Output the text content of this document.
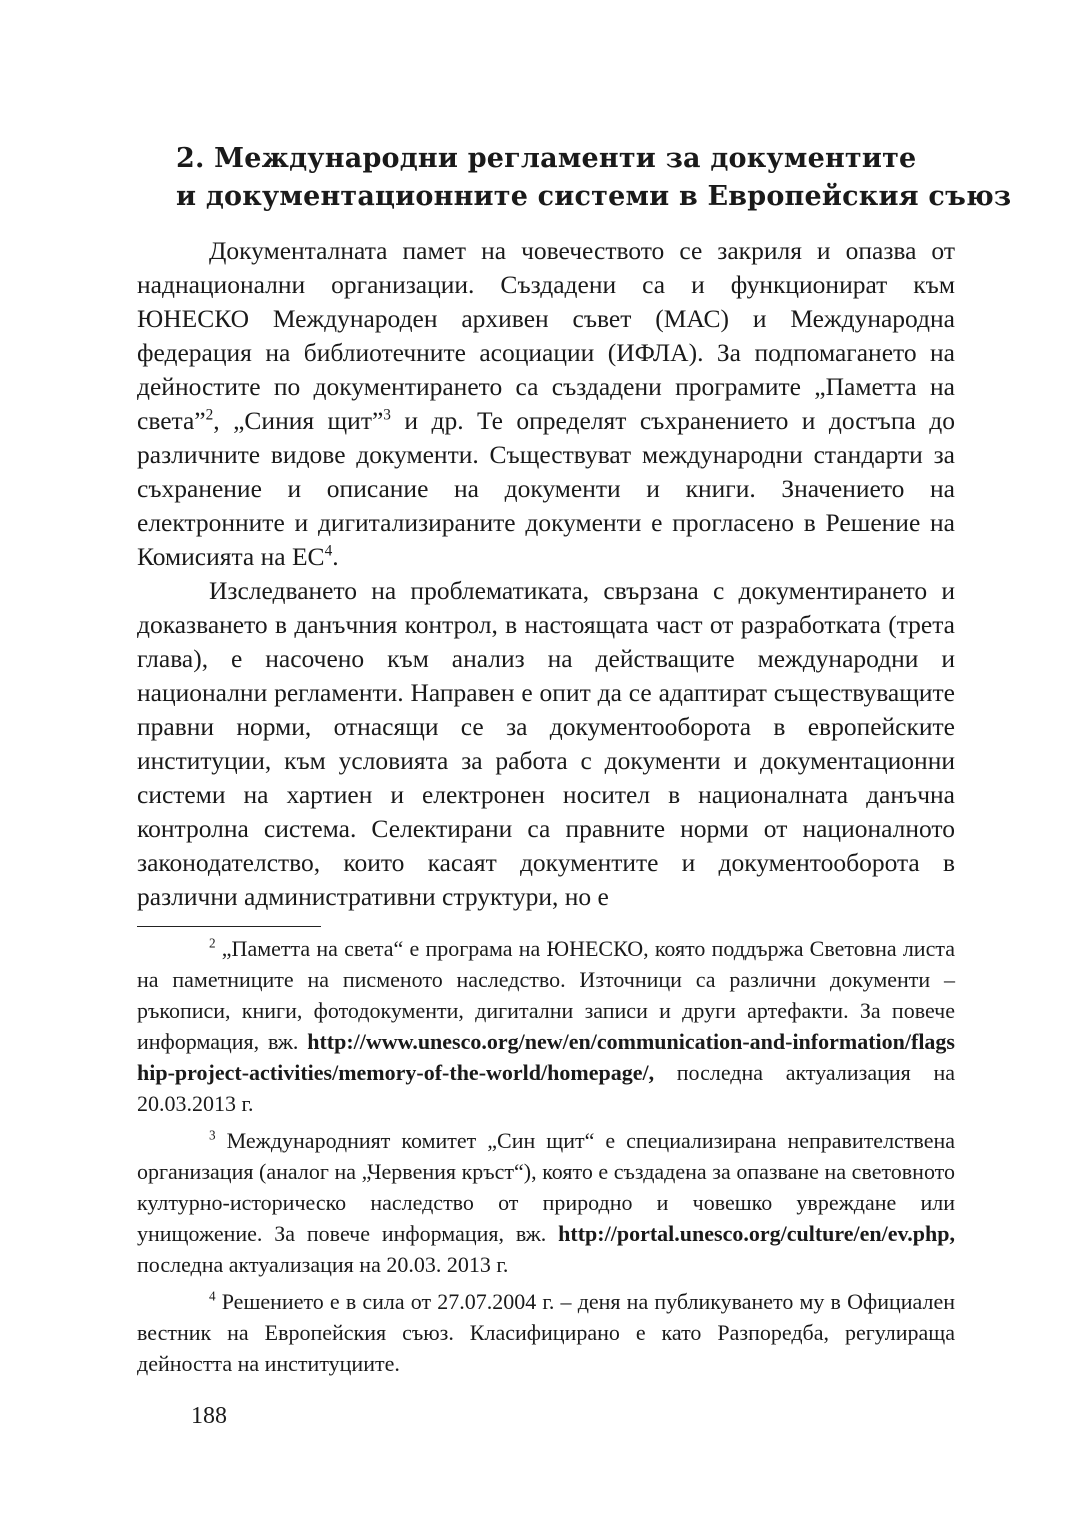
2. Международни регламенти за документите
и документационните системи в Европейския съюз

Документалната памет на човечеството се закриля и опазва от наднационални организации. Създадени са и функционират към ЮНЕСКО Международен архивен съвет (МАС) и Международна федерация на библиотечните асоциации (ИФЛА). За подпомагането на дейностите по документирането са създадени програмите „Паметта на света”$^2$, „Синия щит”$^3$ и др. Те определят съхранението и достъпа до различните видове документи. Съществуват международни стандарти за съхранение и описание на документи и книги. Значението на електронните и дигитализираните документи е прогласено в Решение на Комисията на $ЕС^4$.

Изследването на проблематиката, свързана с документирането и доказването в данъчния контрол, в настоящата част от разработката (трета глава), е насочено към анализ на действащите международни и национални регламенти. Направен е опит да се адаптират съществуващите правни норми, отнасящи се за документооборота в европейските институции, към условията за работа с документи и документационни системи на хартиен и електронен носител в националната данъчна контролна система. Селектирани са правните норми от националното законодателство, които касаят документите и документооборота в различни административни структури, но е

$^2$ „Паметта на света“ е програма на ЮНЕСКО, която поддържа Световна листа на паметниците на писменото наследство. Източници са различни документи – ръкописи, книги, фотодокументи, дигитални записи и други артефакти. За повече информация, вж. http://www.unesco.org/new/en/communication-and-information/flagship-project-activities/memory-of-the-world/homepage/, последна актуализация на 20.03.2013 г.

$^3$ Международният комитет „Син щит“ е специализирана неправителствена организация (аналог на „Червения кръст“), която е създадена за опазване на световното културно-историческо наследство от природно и човешко увреждане или унищожение. За повече информация, вж. http://portal.unesco.org/culture/en/ev.php, последна актуализация на 20.03. 2013 г.

$^4$ Решението е в сила от 27.07.2004 г. – деня на публикуването му в Официален вестник на Европейския съюз. Класифицирано е като Разпоредба, регулираща дейността на институциите.

188
